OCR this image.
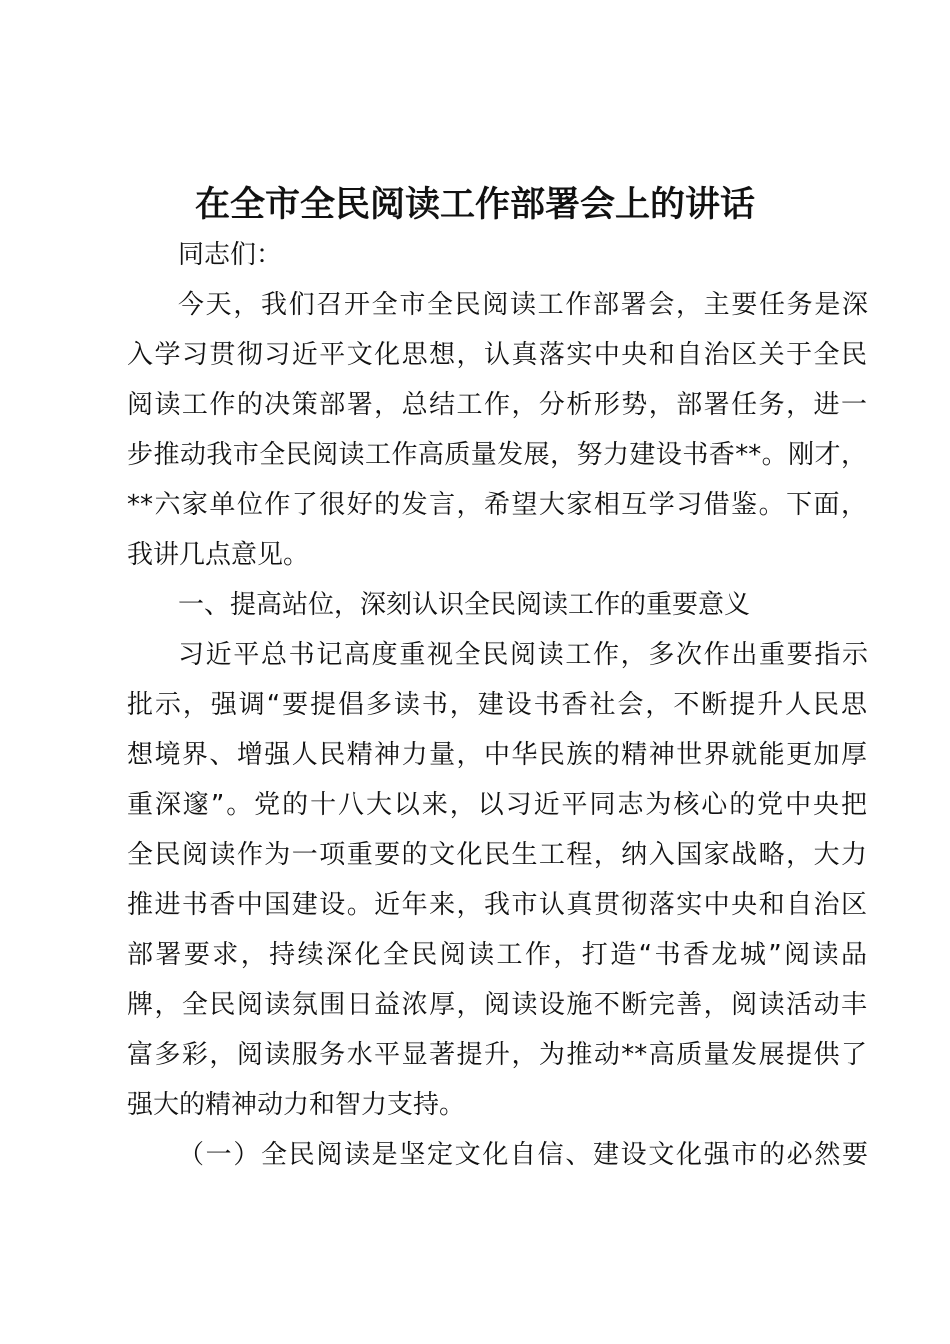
在全市全民阅读工作部署会上的讲话
同志们：
今天，我们召开全市全民阅读工作部署会，主要任务是深
入学习贯彻习近平文化思想，认真落实中央和自治区关于全民
阅读工作的决策部署，总结工作，分析形势，部署任务，进一
步推动我市全民阅读工作高质量发展，努力建设书香**。刚才，
**六家单位作了很好的发言，希望大家相互学习借鉴。下面，
我讲几点意见。
一、提高站位，深刻认识全民阅读工作的重要意义
习近平总书记高度重视全民阅读工作，多次作出重要指示
批示，强调“要提倡多读书，建设书香社会，不断提升人民思
想境界、增强人民精神力量，中华民族的精神世界就能更加厚
重深邃”。党的十八大以来，以习近平同志为核心的党中央把
全民阅读作为一项重要的文化民生工程，纳入国家战略，大力
推进书香中国建设。近年来，我市认真贯彻落实中央和自治区
部署要求，持续深化全民阅读工作，打造“书香龙城”阅读品
牌，全民阅读氛围日益浓厚，阅读设施不断完善，阅读活动丰
富多彩，阅读服务水平显著提升，为推动**高质量发展提供了
强大的精神动力和智力支持。
（一）全民阅读是坚定文化自信、建设文化强市的必然要
